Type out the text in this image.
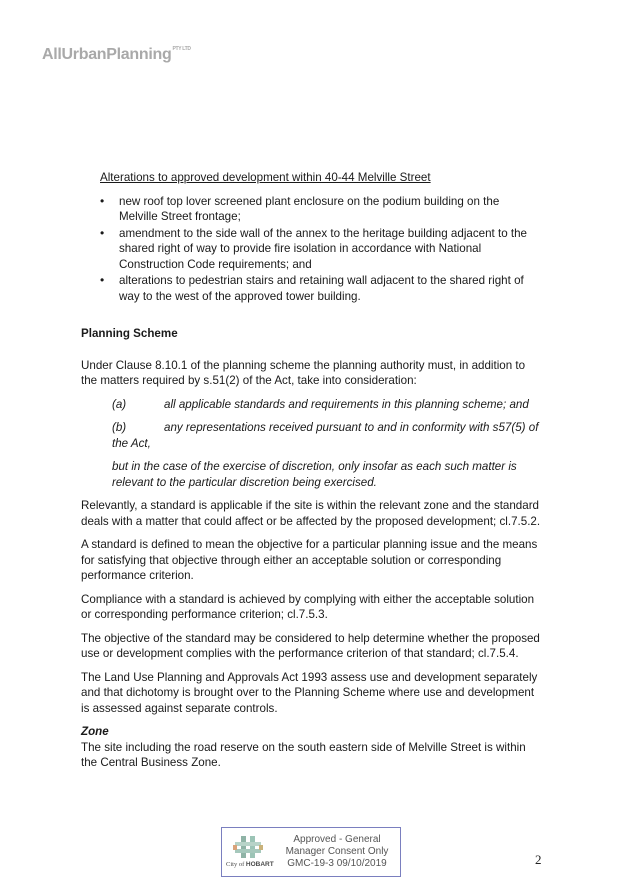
AllUrbanPlanning$^{PTY LTD}$
Alterations to approved development within 40-44 Melville Street
• new roof top lover screened plant enclosure on the podium building on the Melville Street frontage;
• amendment to the side wall of the annex to the heritage building adjacent to the shared right of way to provide fire isolation in accordance with National Construction Code requirements; and
• alterations to pedestrian stairs and retaining wall adjacent to the shared right of way to the west of the approved tower building.
Planning Scheme

Under Clause 8.10.1 of the planning scheme the planning authority must, in addition to the matters required by s.51(2) of the Act, take into consideration:

(a)	all applicable standards and requirements in this planning scheme; and
(b)	any representations received pursuant to and in conformity with s57(5) of the Act,
but in the case of the exercise of discretion, only insofar as each such matter is relevant to the particular discretion being exercised.

Relevantly, a standard is applicable if the site is within the relevant zone and the standard deals with a matter that could affect or be affected by the proposed development; cl.7.5.2.

A standard is defined to mean the objective for a particular planning issue and the means for satisfying that objective through either an acceptable solution or corresponding performance criterion.

Compliance with a standard is achieved by complying with either the acceptable solution or corresponding performance criterion; cl.7.5.3.

The objective of the standard may be considered to help determine whether the proposed use or development complies with the performance criterion of that standard; cl.7.5.4.

The Land Use Planning and Approvals Act 1993 assess use and development separately and that dichotomy is brought over to the Planning Scheme where use and development is assessed against separate controls.

Zone

The site including the road reserve on the south eastern side of Melville Street is within the Central Business Zone.

City of HOBART
Approved - General
Manager Consent Only
GMC-19-3 09/10/2019	2
